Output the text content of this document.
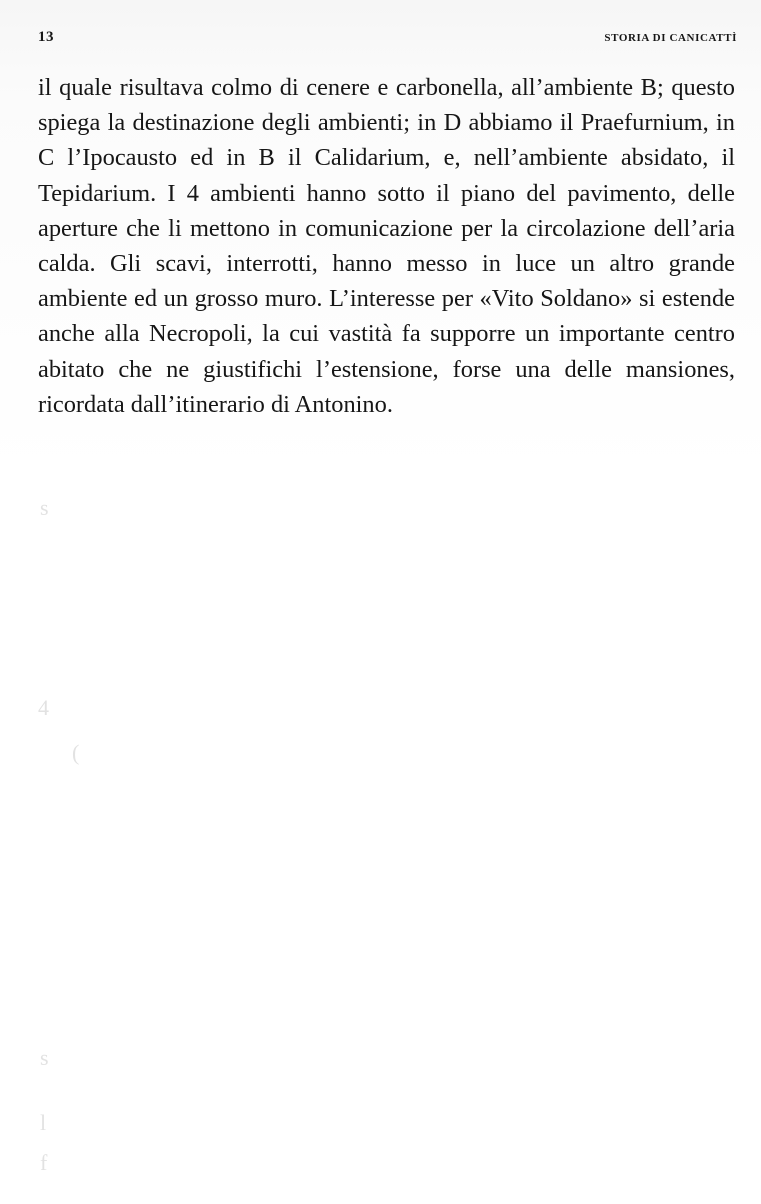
13	STORIA DI CANICATTÌ

il quale risultava colmo di cenere e carbonella, all’ambiente B; questo spiega la destinazione degli ambienti; in D abbiamo il Praefurnium, in C l’Ipocausto ed in B il Calidarium, e, nell’ambiente absidato, il Tepidarium. I 4 ambienti hanno sotto il piano del pavimento, delle aperture che li mettono in comunicazione per la circolazione dell’aria calda. Gli scavi, interrotti, hanno messo in luce un altro grande ambiente ed un grosso muro. L’interesse per «Vito Soldano» si estende anche alla Necropoli, la cui vastità fa supporre un importante centro abitato che ne giustifichi l’estensione, forse una delle mansiones, ricordata dall’itinerario di Antonino.

s
4
(
s
l
f
